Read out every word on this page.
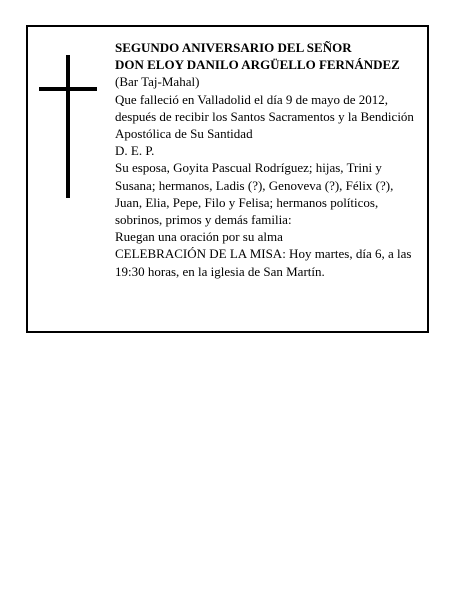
SEGUNDO ANIVERSARIO DEL SEÑOR

DON ELOY DANILO ARGÜELLO FERNÁNDEZ

(Bar Taj-Mahal)

Que falleció en Valladolid el día 9 de mayo de 2012, después de recibir los Santos Sacramentos y la Bendición Apostólica de Su Santidad

D. E. P.

Su esposa, Goyita Pascual Rodríguez; hijas, Trini y Susana; hermanos, Ladis (?), Genoveva (?), Félix (?), Juan, Elia, Pepe, Filo y Felisa; hermanos políticos, sobrinos, primos y demás familia:

Ruegan una oración por su alma

CELEBRACIÓN DE LA MISA: Hoy martes, día 6, a las 19:30 horas, en la iglesia de San Martín.
